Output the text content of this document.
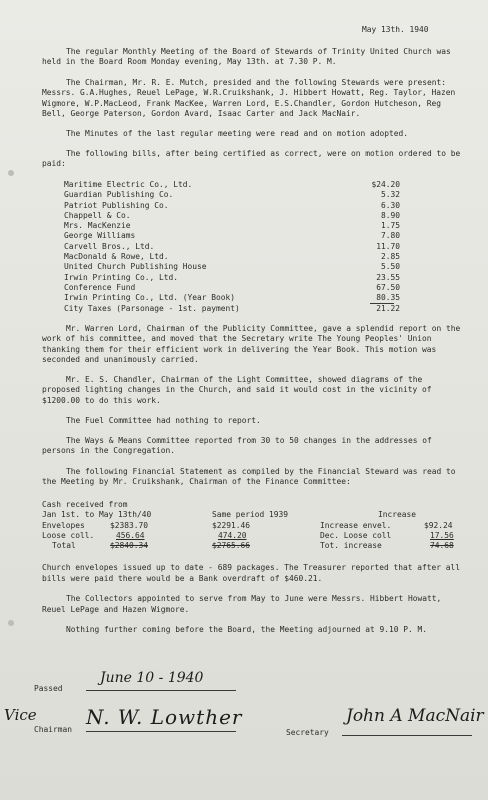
May 13th. 1940

The regular Monthly Meeting of the Board of Stewards of Trinity United Church was held in the Board Room Monday evening, May 13th. at 7.30 P. M.

The Chairman, Mr. R. E. Mutch, presided and the following Stewards were present: Messrs. G.A.Hughes, Reuel LePage, W.R.Cruikshank, J. Hibbert Howatt, Reg. Taylor, Hazen Wigmore, W.P.MacLeod, Frank MacKee, Warren Lord, E.S.Chandler, Gordon Hutcheson, Reg Bell, George Paterson, Gordon Avard, Isaac Carter and Jack MacNair.

The Minutes of the last regular meeting were read and on motion adopted.

The following bills, after being certified as correct, were on motion ordered to be paid:

Maritime Electric Co., Ltd.	$24.20
Guardian Publishing Co.	5.32
Patriot Publishing Co.	6.30
Chappell & Co.	8.90
Mrs. MacKenzie	1.75
George Williams	7.80
Carvell Bros., Ltd.	11.70
MacDonald & Rowe, Ltd.	2.85
United Church Publishing House	5.50
Irwin Printing Co., Ltd.	23.55
Conference Fund	67.50
Irwin Printing Co., Ltd. (Year Book)	80.35
City Taxes (Parsonage - 1st. payment)	21.22

Mr. Warren Lord, Chairman of the Publicity Committee, gave a splendid report on the work of his committee, and moved that the Secretary write The Young Peoples' Union thanking them for their efficient work in delivering the Year Book. This motion was seconded and unanimously carried.

Mr. E. S. Chandler, Chairman of the Light Committee, showed diagrams of the proposed lighting changes in the Church, and said it would cost in the vicinity of $1200.00 to do this work.

The Fuel Committee had nothing to report.

The Ways & Means Committee reported from 30 to 50 changes in the addresses of persons in the Congregation.

The following Financial Statement as compiled by the Financial Steward was read to the Meeting by Mr. Cruikshank, Chairman of the Finance Committee:

Cash received from
Jan 1st. to May 13th/40	Same period 1939	Increase
Envelopes	$2383.70	$2291.46	Increase envel.	$92.24
Loose coll.	456.64	474.20	Dec. Loose coll	17.56
Total	$2840.34	$2765.66	Tot. increase	74.68

Church envelopes issued up to date - 689 packages. The Treasurer reported that after all bills were paid there would be a Bank overdraft of $460.21.

The Collectors appointed to serve from May to June were Messrs. Hibbert Howatt, Reuel LePage and Hazen Wigmore.

Nothing further coming before the Board, the Meeting adjourned at 9.10 P. M.

Passed
June 10 - 1940
Vice
Chairman
N. W. Lowther
Secretary
John A MacNair
